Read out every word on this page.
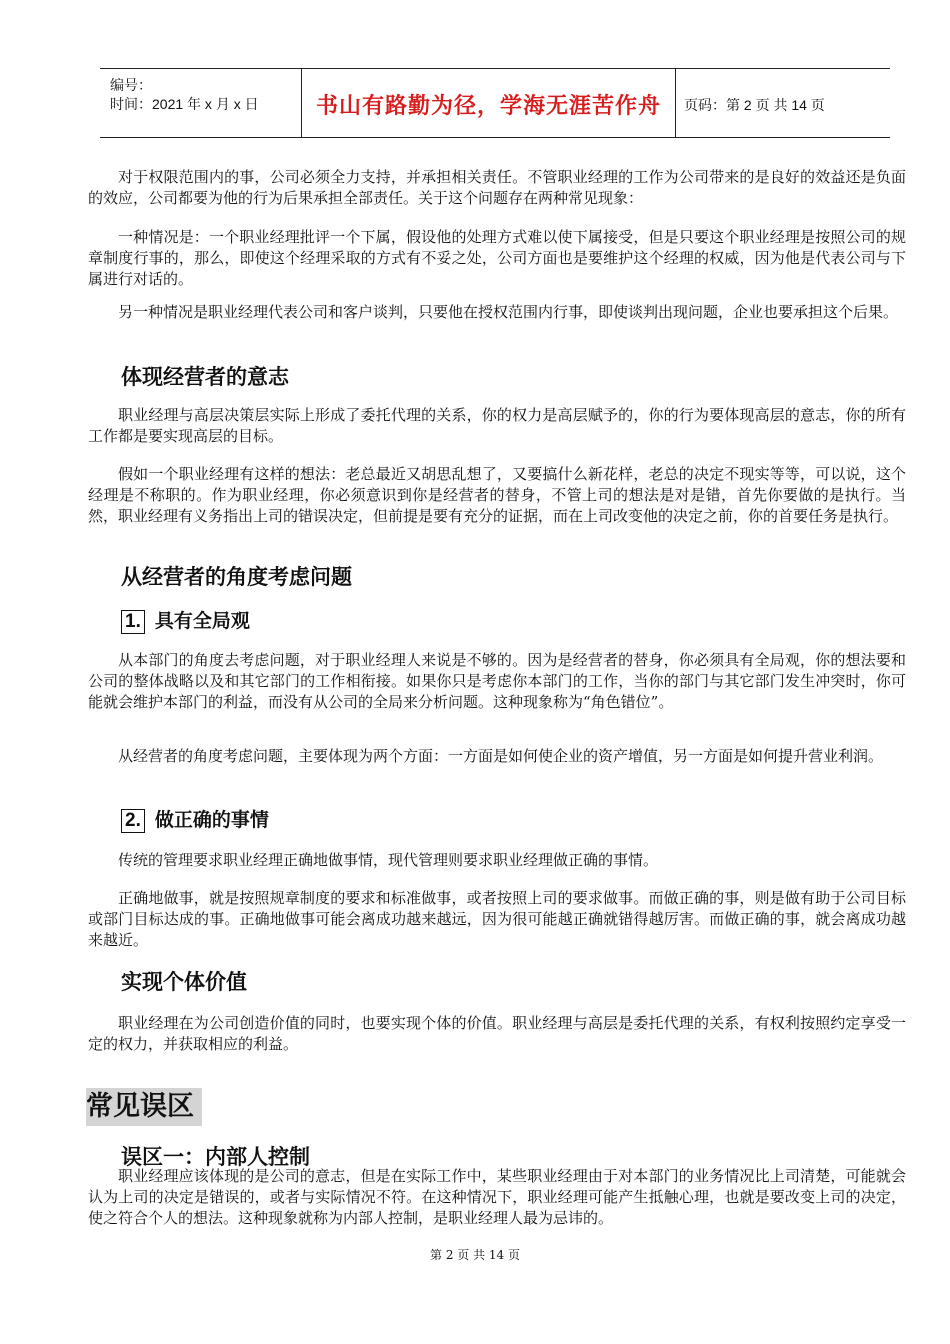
编号：
时间：2021 年 x 月 x 日	书山有路勤为径，学海无涯苦作舟	页码：第 2 页 共 14 页

对于权限范围内的事，公司必须全力支持，并承担相关责任。不管职业经理的工作为公司带来的是良好的效益还是负面的效应，公司都要为他的行为后果承担全部责任。关于这个问题存在两种常见现象：

一种情况是：一个职业经理批评一个下属，假设他的处理方式难以使下属接受，但是只要这个职业经理是按照公司的规章制度行事的，那么，即使这个经理采取的方式有不妥之处，公司方面也是要维护这个经理的权威，因为他是代表公司与下属进行对话的。

另一种情况是职业经理代表公司和客户谈判，只要他在授权范围内行事，即使谈判出现问题，企业也要承担这个后果。

体现经营者的意志

职业经理与高层决策层实际上形成了委托代理的关系，你的权力是高层赋予的，你的行为要体现高层的意志，你的所有工作都是要实现高层的目标。

假如一个职业经理有这样的想法：老总最近又胡思乱想了，又要搞什么新花样，老总的决定不现实等等，可以说，这个经理是不称职的。作为职业经理，你必须意识到你是经营者的替身，不管上司的想法是对是错，首先你要做的是执行。当然，职业经理有义务指出上司的错误决定，但前提是要有充分的证据，而在上司改变他的决定之前，你的首要任务是执行。

从经营者的角度考虑问题
1. 具有全局观

从本部门的角度去考虑问题，对于职业经理人来说是不够的。因为是经营者的替身，你必须具有全局观，你的想法要和公司的整体战略以及和其它部门的工作相衔接。如果你只是考虑你本部门的工作，当你的部门与其它部门发生冲突时，你可能就会维护本部门的利益，而没有从公司的全局来分析问题。这种现象称为“角色错位”。

从经营者的角度考虑问题，主要体现为两个方面：一方面是如何使企业的资产增值，另一方面是如何提升营业利润。

2. 做正确的事情

传统的管理要求职业经理正确地做事情，现代管理则要求职业经理做正确的事情。

正确地做事，就是按照规章制度的要求和标准做事，或者按照上司的要求做事。而做正确的事，则是做有助于公司目标或部门目标达成的事。正确地做事可能会离成功越来越远，因为很可能越正确就错得越厉害。而做正确的事，就会离成功越来越近。

实现个体价值

职业经理在为公司创造价值的同时，也要实现个体的价值。职业经理与高层是委托代理的关系，有权利按照约定享受一定的权力，并获取相应的利益。

常见误区
误区一：内部人控制

职业经理应该体现的是公司的意志，但是在实际工作中，某些职业经理由于对本部门的业务情况比上司清楚，可能就会认为上司的决定是错误的，或者与实际情况不符。在这种情况下，职业经理可能产生抵触心理，也就是要改变上司的决定，使之符合个人的想法。这种现象就称为内部人控制，是职业经理人最为忌讳的。

第 2 页 共 14 页
